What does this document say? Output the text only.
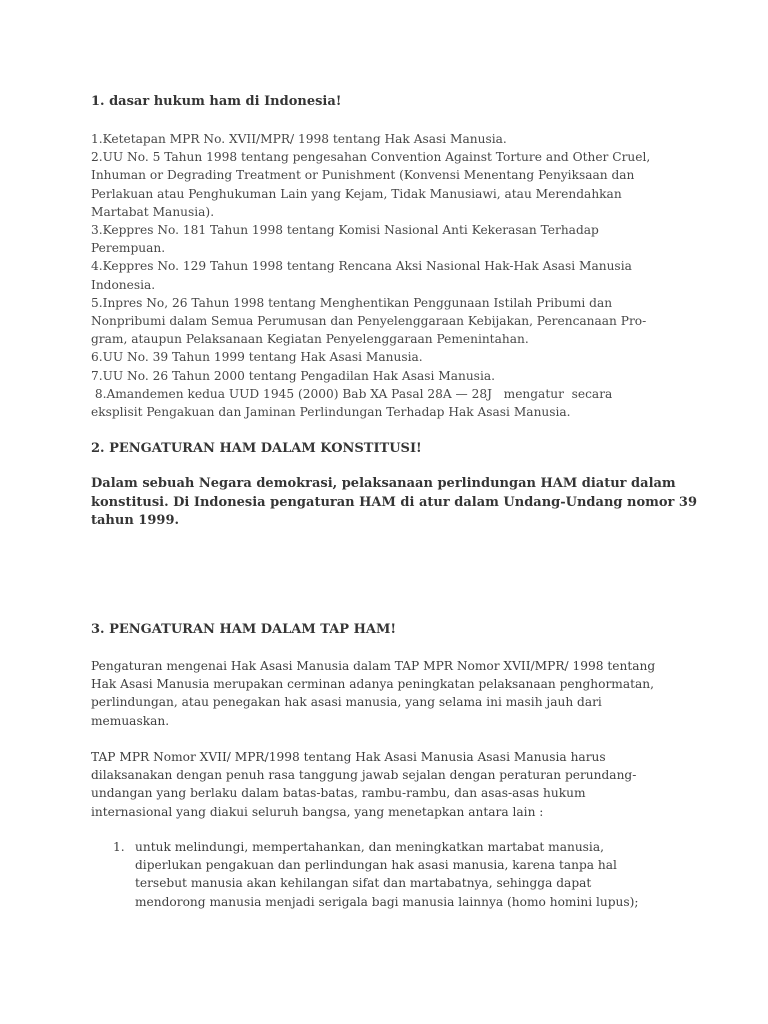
1. dasar hukum ham di Indonesia!
1.Ketetapan MPR No. XVII/MPR/ 1998 tentang Hak Asasi Manusia.
2.UU No. 5 Tahun 1998 tentang pengesahan Convention Against Torture and Other Cruel,
Inhuman or Degrading Treatment or Punishment (Konvensi Menentang Penyiksaan dan
Perlakuan atau Penghukuman Lain yang Kejam, Tidak Manusiawi, atau Merendahkan
Martabat Manusia).
3.Keppres No. 181 Tahun 1998 tentang Komisi Nasional Anti Kekerasan Terhadap
Perempuan.
4.Keppres No. 129 Tahun 1998 tentang Rencana Aksi Nasional Hak-Hak Asasi Manusia
Indonesia.
5.Inpres No, 26 Tahun 1998 tentang Menghentikan Penggunaan Istilah Pribumi dan
Nonpribumi dalam Semua Perumusan dan Penyelenggaraan Kebijakan, Perencanaan Pro-
gram, ataupun Pelaksanaan Kegiatan Penyelenggaraan Pemenintahan.
6.UU No. 39 Tahun 1999 tentang Hak Asasi Manusia.
7.UU No. 26 Tahun 2000 tentang Pengadilan Hak Asasi Manusia.
8.Amandemen kedua UUD 1945 (2000) Bab XA Pasal 28A — 28J   mengatur  secara
eksplisit Pengakuan dan Jaminan Perlindungan Terhadap Hak Asasi Manusia.
2. PENGATURAN HAM DALAM KONSTITUSI!
Dalam sebuah Negara demokrasi, pelaksanaan perlindungan HAM diatur dalam
konstitusi. Di Indonesia pengaturan HAM di atur dalam Undang-Undang nomor 39
tahun 1999.
3. PENGATURAN HAM DALAM TAP HAM!
Pengaturan mengenai Hak Asasi Manusia dalam TAP MPR Nomor XVII/MPR/ 1998 tentang
Hak Asasi Manusia merupakan cerminan adanya peningkatan pelaksanaan penghormatan,
perlindungan, atau penegakan hak asasi manusia, yang selama ini masih jauh dari
memuaskan.
TAP MPR Nomor XVII/ MPR/1998 tentang Hak Asasi Manusia Asasi Manusia harus
dilaksanakan dengan penuh rasa tanggung jawab sejalan dengan peraturan perundang-
undangan yang berlaku dalam batas-batas, rambu-rambu, dan asas-asas hukum
internasional yang diakui seluruh bangsa, yang menetapkan antara lain :
1. untuk melindungi, mempertahankan, dan meningkatkan martabat manusia,
diperlukan pengakuan dan perlindungan hak asasi manusia, karena tanpa hal
tersebut manusia akan kehilangan sifat dan martabatnya, sehingga dapat
mendorong manusia menjadi serigala bagi manusia lainnya (homo homini lupus);
